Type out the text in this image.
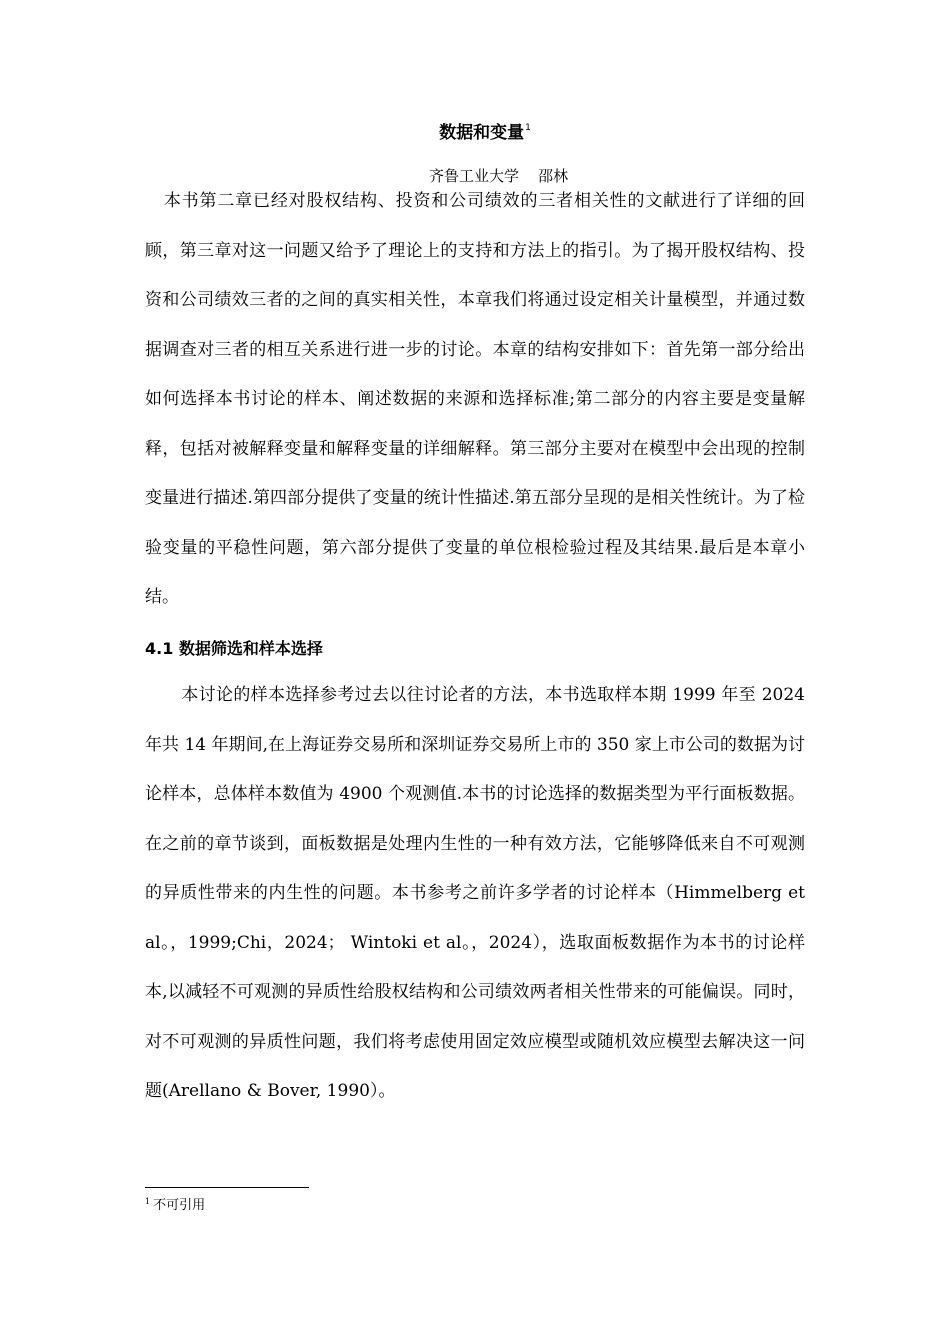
数据和变量$^1$
齐鲁工业大学    邵林
本书第二章已经对股权结构、投资和公司绩效的三者相关性的文献进行了详细的回顾，第三章对这一问题又给予了理论上的支持和方法上的指引。为了揭开股权结构、投资和公司绩效三者的之间的真实相关性，本章我们将通过设定相关计量模型，并通过数据调查对三者的相互关系进行进一步的讨论。本章的结构安排如下：首先第一部分给出如何选择本书讨论的样本、阐述数据的来源和选择标准;第二部分的内容主要是变量解释，包括对被解释变量和解释变量的详细解释。第三部分主要对在模型中会出现的控制变量进行描述.第四部分提供了变量的统计性描述.第五部分呈现的是相关性统计。为了检验变量的平稳性问题，第六部分提供了变量的单位根检验过程及其结果.最后是本章小结。
4.1 数据筛选和样本选择
本讨论的样本选择参考过去以往讨论者的方法，本书选取样本期 1999 年至 2024 年共 14 年期间,在上海证券交易所和深圳证券交易所上市的 350 家上市公司的数据为讨论样本，总体样本数值为 4900 个观测值.本书的讨论选择的数据类型为平行面板数据。在之前的章节谈到，面板数据是处理内生性的一种有效方法，它能够降低来自不可观测的异质性带来的内生性的问题。本书参考之前许多学者的讨论样本（Himmelberg et al。，1999;Chi，2024； Wintoki et al。，2024），选取面板数据作为本书的讨论样本,以减轻不可观测的异质性给股权结构和公司绩效两者相关性带来的可能偏误。同时，对不可观测的异质性问题，我们将考虑使用固定效应模型或随机效应模型去解决这一问题(Arellano & Bover, 1990）。
$^1$ 不可引用
